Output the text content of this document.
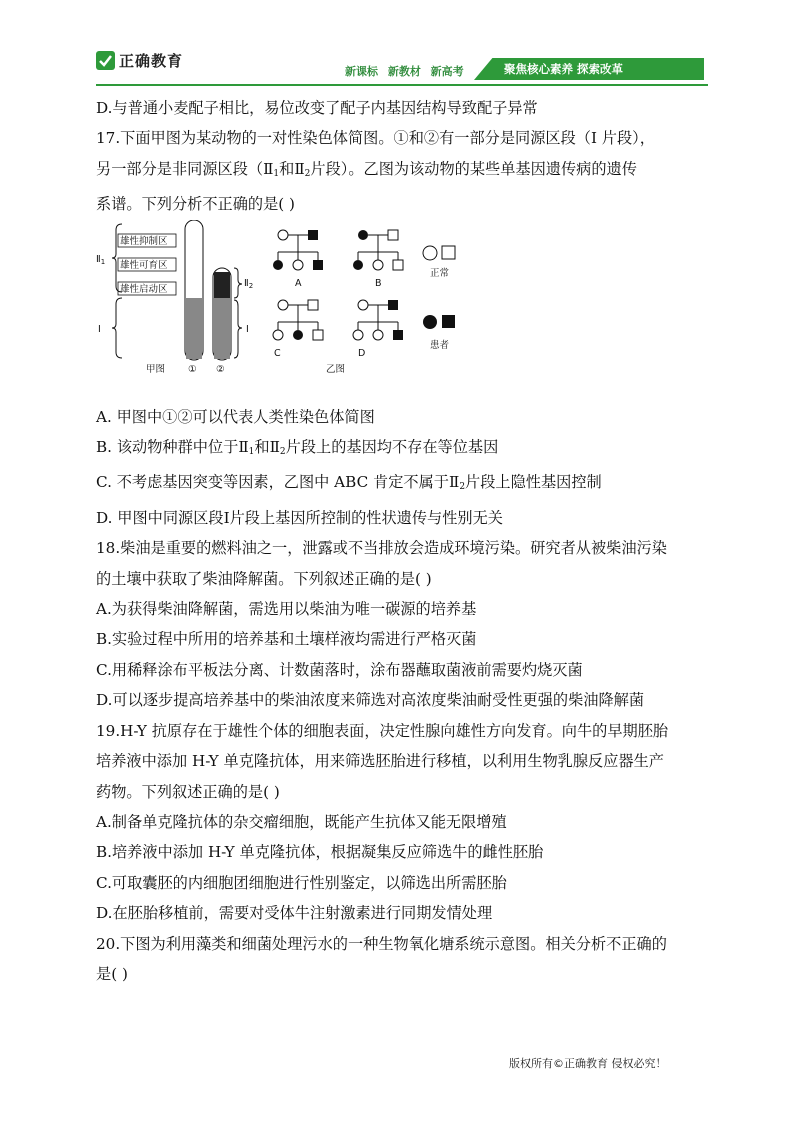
正确教育
新课标 新教材 新高考	聚焦核心素养 探索改革
D.与普通小麦配子相比，易位改变了配子内基因结构导致配子异常
17.下面甲图为某动物的一对性染色体简图。①和②有一部分是同源区段（I 片段），
另一部分是非同源区段（$Ⅱ_1$和$Ⅱ_2$片段）。乙图为该动物的某些单基因遗传病的遗传
系谱。下列分析不正确的是( )
$Ⅱ_1$
Ⅰ
雄性抑制区
雄性可育区
雄性启动区
$Ⅱ_2$
Ⅰ
① ②
甲图
A	B
C	D
正常
患者
乙图
A. 甲图中①②可以代表人类性染色体简图
B. 该动物种群中位于$Ⅱ_1$和$Ⅱ_2$片段上的基因均不存在等位基因
C. 不考虑基因突变等因素，乙图中 ABC 肯定不属于$Ⅱ_2$片段上隐性基因控制
D. 甲图中同源区段Ⅰ片段上基因所控制的性状遗传与性别无关
18.柴油是重要的燃料油之一，泄露或不当排放会造成环境污染。研究者从被柴油污染
的土壤中获取了柴油降解菌。下列叙述正确的是( )
A.为获得柴油降解菌，需选用以柴油为唯一碳源的培养基
B.实验过程中所用的培养基和土壤样液均需进行严格灭菌
C.用稀释涂布平板法分离、计数菌落时，涂布器蘸取菌液前需要灼烧灭菌
D.可以逐步提高培养基中的柴油浓度来筛选对高浓度柴油耐受性更强的柴油降解菌
19.H-Y 抗原存在于雄性个体的细胞表面，决定性腺向雄性方向发育。向牛的早期胚胎
培养液中添加 H-Y 单克隆抗体，用来筛选胚胎进行移植，以利用生物乳腺反应器生产
药物。下列叙述正确的是( )
A.制备单克隆抗体的杂交瘤细胞，既能产生抗体又能无限增殖
B.培养液中添加 H-Y 单克隆抗体，根据凝集反应筛选牛的雌性胚胎
C.可取囊胚的内细胞团细胞进行性别鉴定，以筛选出所需胚胎
D.在胚胎移植前，需要对受体牛注射激素进行同期发情处理
20.下图为利用藻类和细菌处理污水的一种生物氧化塘系统示意图。相关分析不正确的
是( )
版权所有©正确教育 侵权必究！
